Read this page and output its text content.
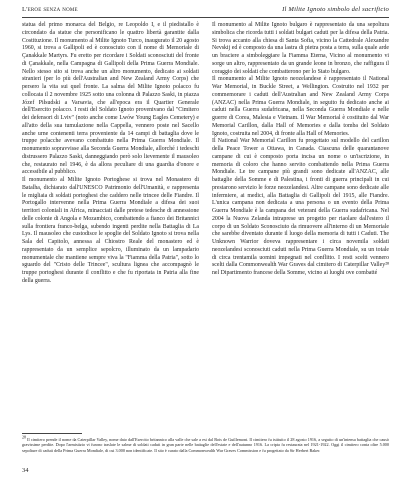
L'eroe senza nome	Il Milite Ignoto simbolo del sacrificio

statua del primo monarca del Belgio, re Leopoldo I, e il piedistallo è circondato da statue che personificano le quattro libertà garantite dalla Costituzione. Il monumento al Milite Ignoto Turco, inaugurato il 20 agosto 1960, si trova a Gallipoli ed è conosciuto con il nome di Memoriale di Çanakkale Martyrs. Fu eretto per ricordare i Soldati sconosciuti del fronte di Çanakkale, nella Campagna di Gallipoli della Prima Guerra Mondiale. Nello stesso sito si trova anche un altro monumento, dedicato ai soldati stranieri (per lo più dell'Australian and New Zealand Army Corps) che persero la vita sui quel fronte. La salma del Milite Ignoto polacco fu collocata il 2 novembre 1925 sotto una colonna di Palazzo Saski, in piazza Józef Piłsudski a Varsavia, che all'epoca era il Quartier Generale dell'Esercito polacco. I resti del Soldato Ignoto provenivano dal "Cimitero dei defensori di Lviv" (noto anche come Lwów Young Eagles Cemetery) e all'atto della sua tumulazione nella Cappella, vennero poste nel Sacello anche urne contenenti terra proveniente da 14 campi di battaglia dove le truppe polacche avevano combattuto nella Prima Guerra Mondiale. Il monumento sopravvisse alla Seconda Guerra Mondiale, allorché i tedeschi distrussero Palazzo Saski, danneggiando però solo lievemente il mausoleo che, restaurato nel 1946, è da allora peculiare di una guardia d'onore e accessibile al pubblico.

Il monumento al Milite Ignoto Portoghese si trova nel Monastero di Batalha, dichiarato dall'UNESCO Patrimonio dell'Umanità, e rappresenta le migliaia di soldati portoghesi che caddero nelle trincee delle Fiandre. Il Portogallo intervenne nella Prima Guerra Mondiale a difesa dei suoi territori coloniali in Africa, minacciati dalle pretese tedesche di annessione delle colonie di Angola e Mozambico, combattendo a fianco dei Britannici sulla frontiera franco-belga, subendo ingenti perdite nella Battaglia di La Lys. Il mausoleo che custodisce le spoglie del Soldato Ignoto si trova nella Sala del Capitolo, annessa al Chiostro Reale del monastero ed è rappresentato da un semplice sepolcro, illuminato da un lampadario monumentale che mantiene sempre viva la "Fiamma della Patria", sotto lo sguardo del "Cristo delle Trincee", scultura lignea che accompagnò le truppe portoghesi durante il conflitto e che fu riportata in Patria alla fine della guerra.

Il monumento al Milite Ignoto bulgaro è rappresentato da una sepoltura simbolica che ricorda tutti i soldati bulgari caduti per la difesa della Patria. Si trova accanto alla chiesa di Santa Sofia, vicino la Cattedrale Alexandre Nevskij ed è composto da una lastra di pietra posta a terra, sulla quale arde un braciere a simboleggiare la Fiamma Eterna, Vicino al monumento vi sorge un altro, rappresentato da un grande leone in bronzo, che raffigura il coraggio dei soldati che combatterono per lo Stato bulgaro.

Il monumento al Milite Ignoto neozelandese è rappresentato il National War Memorial, in Buckle Street, a Wellington. Costruito nel 1932 per commemorare i caduti dell'Australian and New Zealand Army Corps (ANZAC) nella Prima Guerra Mondiale, in seguito fu dedicato anche ai caduti nella Guerra sudafricana, nella Seconda Guerra Mondiale e nelle guerre di Corea, Malesia e Vietnam. Il War Memorial è costituito dal War Memorial Carillon, dalla Hall of Memories e dalla tomba del Soldato Ignoto, costruita nel 2004, di fronte alla Hall of Memories.

Il National War Memorial Carillon fu progettato sul modello del carillon della Peace Tower a Ottawa, in Canada. Ciascuna delle quarantanove campane di cui è composto porta incisa un nome o un'iscrizione, in memoria di coloro che hanno servito combattendo nella Prima Guerra Mondiale. Le tre campane più grandi sono dedicate all'ANZAC, alle battaglie della Somme e di Palestina, i fronti di guerra principali in cui prestarono servizio le forze neozelandesi. Altre campane sono dedicate alle infermiere, ai medici, alla Battaglia di Gallipoli del 1915, alle Fiandre. L'unica campana non dedicata a una persona o un evento della Prima Guerra Mondiale è la campana dei veterani della Guerra sudafricana. Nel 2004 la Nuova Zelanda intraprese un progetto per riaolare dall'estero il corpo di un Soldato Sconosciuto da rimuovere all'interno di un Memoriale che sarebbe diventato durante il luogo della memoria di tutti i Caduti. The Unknown Warrior doveva rappresentare i circa novemila soldati neozelandesi sconosciuti caduti nella Prima Guerra Mondiale, su un totale di circa trentamila uomini impegnati nel conflitto. I resti scelti vennero scelti dalla Commonwealth War Graves dal cimitero di Caterpillar Valley²⁸ nel Dipartimento francese della Somme, vicino ai luoghi ove combatté

$^{28}$ Il cimitero prende il nome da Caterpillar Valley, nome dato dall'Esercito britannico alla valle che sale a est dal Bois de Guillemont. Il cimitero fu istituito il 28 agosto 1916, a seguito di un'intensa battaglia che causò gravissime perdite. Dopo l'armistizio vi furono traslate le salme di soldati caduti in gran parte nelle battaglie dell'estate e dell'autunno 1916. La cripta fu restaurata nel 1921-1922. Oggi il cimitero conta oltre 5.000 sepolture di caduti della Prima Guerra Mondiale, di cui 3.000 non identificate. Il sito è curato dalla Commonwealth War Graves Commission e fu progettato da Sir Herbert Baker.
34
